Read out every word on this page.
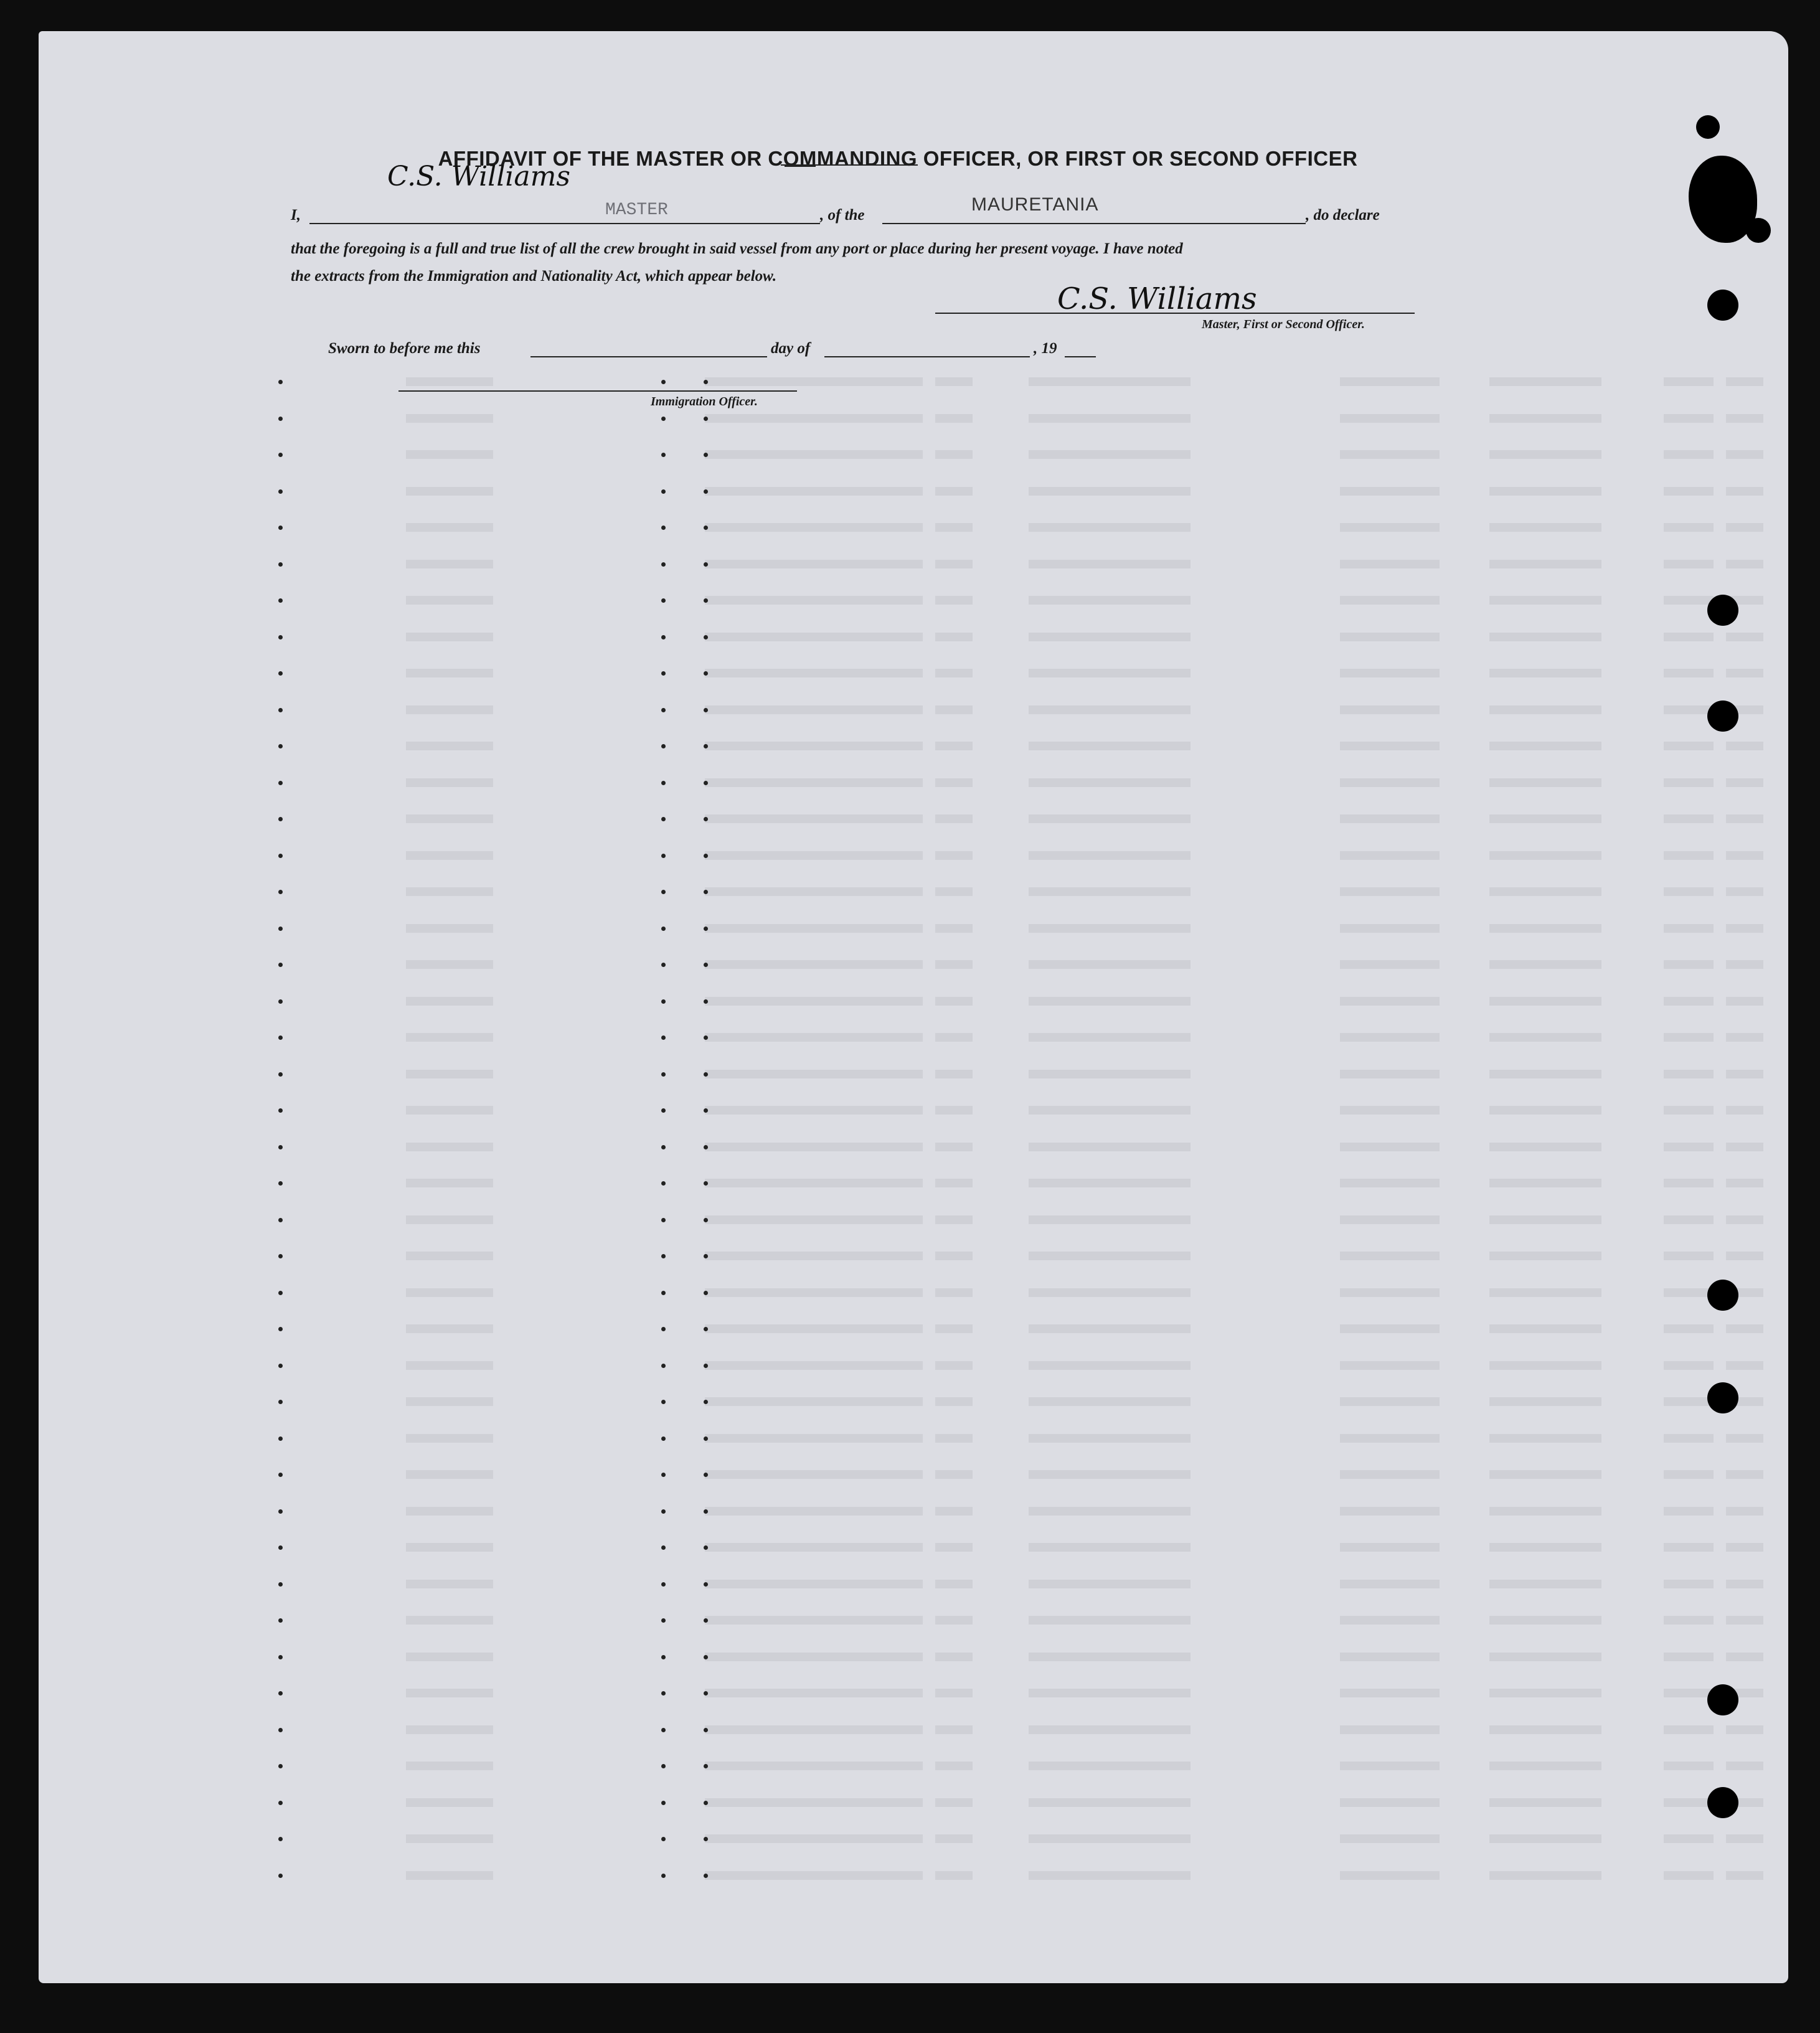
AFFIDAVIT OF THE MASTER OR COMMANDING OFFICER, OR FIRST OR SECOND OFFICER
C.S. Williams
I,	MASTER	, of the
MAURETANIA
, do declare
that the foregoing is a full and true list of all the crew brought in said vessel from any port or place during her present voyage. I have noted
the extracts from the Immigration and Nationality Act, which appear below.
C.S. Williams
Master, First or Second Officer.
Sworn to before me this	day of	, 19
Immigration Officer.
